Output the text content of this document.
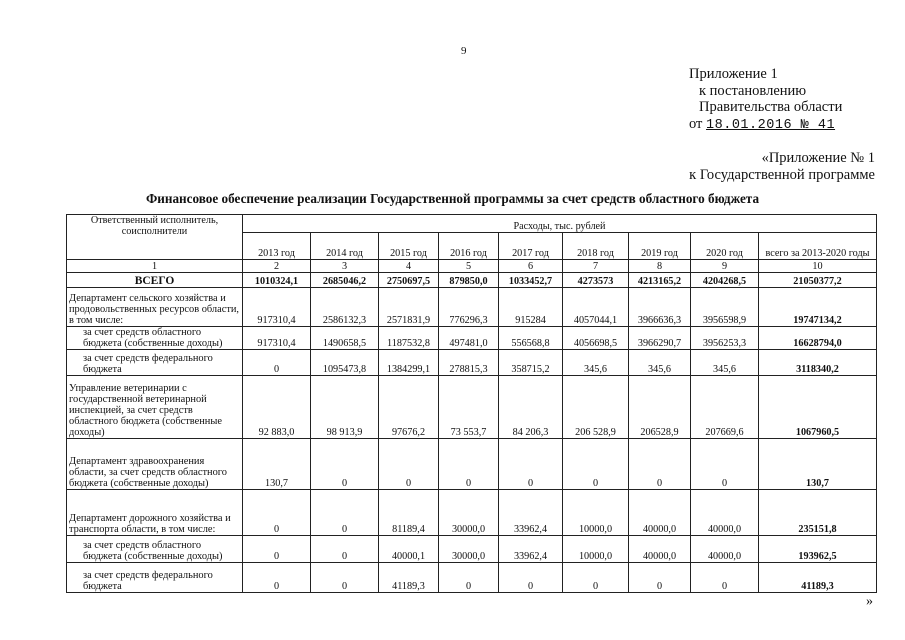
9
Приложение 1
к постановлению
Правительства области
от 18.01.2016 № 41
«Приложение № 1
к Государственной программе
Финансовое обеспечение реализации Государственной программы за счет средств областного бюджета
Ответственный исполнитель, соисполнители	Расходы, тыс. рублей								
	2013 год	2014 год	2015 год	2016 год	2017 год	2018 год	2019 год	2020 год	всего за 2013-2020 годы
1	2	3	4	5	6	7	8	9	10
ВСЕГО	1010324,1	2685046,2	2750697,5	879850,0	1033452,7	4273573	4213165,2	4204268,5	21050377,2
Департамент сельского хозяйства и продовольственных ресурсов области, в том числе:	917310,4	2586132,3	2571831,9	776296,3	915284	4057044,1	3966636,3	3956598,9	19747134,2
за счет средств областного бюджета (собственные доходы)	917310,4	1490658,5	1187532,8	497481,0	556568,8	4056698,5	3966290,7	3956253,3	16628794,0
за счет средств федерального бюджета	0	1095473,8	1384299,1	278815,3	358715,2	345,6	345,6	345,6	3118340,2
Управление ветеринарии с государственной ветеринарной инспекцией, за счет средств областного бюджета (собственные доходы)	92 883,0	98 913,9	97676,2	73 553,7	84 206,3	206 528,9	206528,9	207669,6	1067960,5
Департамент здравоохранения области, за счет средств областного бюджета (собственные доходы)	130,7	0	0	0	0	0	0	0	130,7
Департамент дорожного хозяйства и транспорта области, в том числе:	0	0	81189,4	30000,0	33962,4	10000,0	40000,0	40000,0	235151,8
за счет средств областного бюджета (собственные доходы)	0	0	40000,1	30000,0	33962,4	10000,0	40000,0	40000,0	193962,5
за счет средств федерального бюджета	0	0	41189,3	0	0	0	0	0	41189,3
»
